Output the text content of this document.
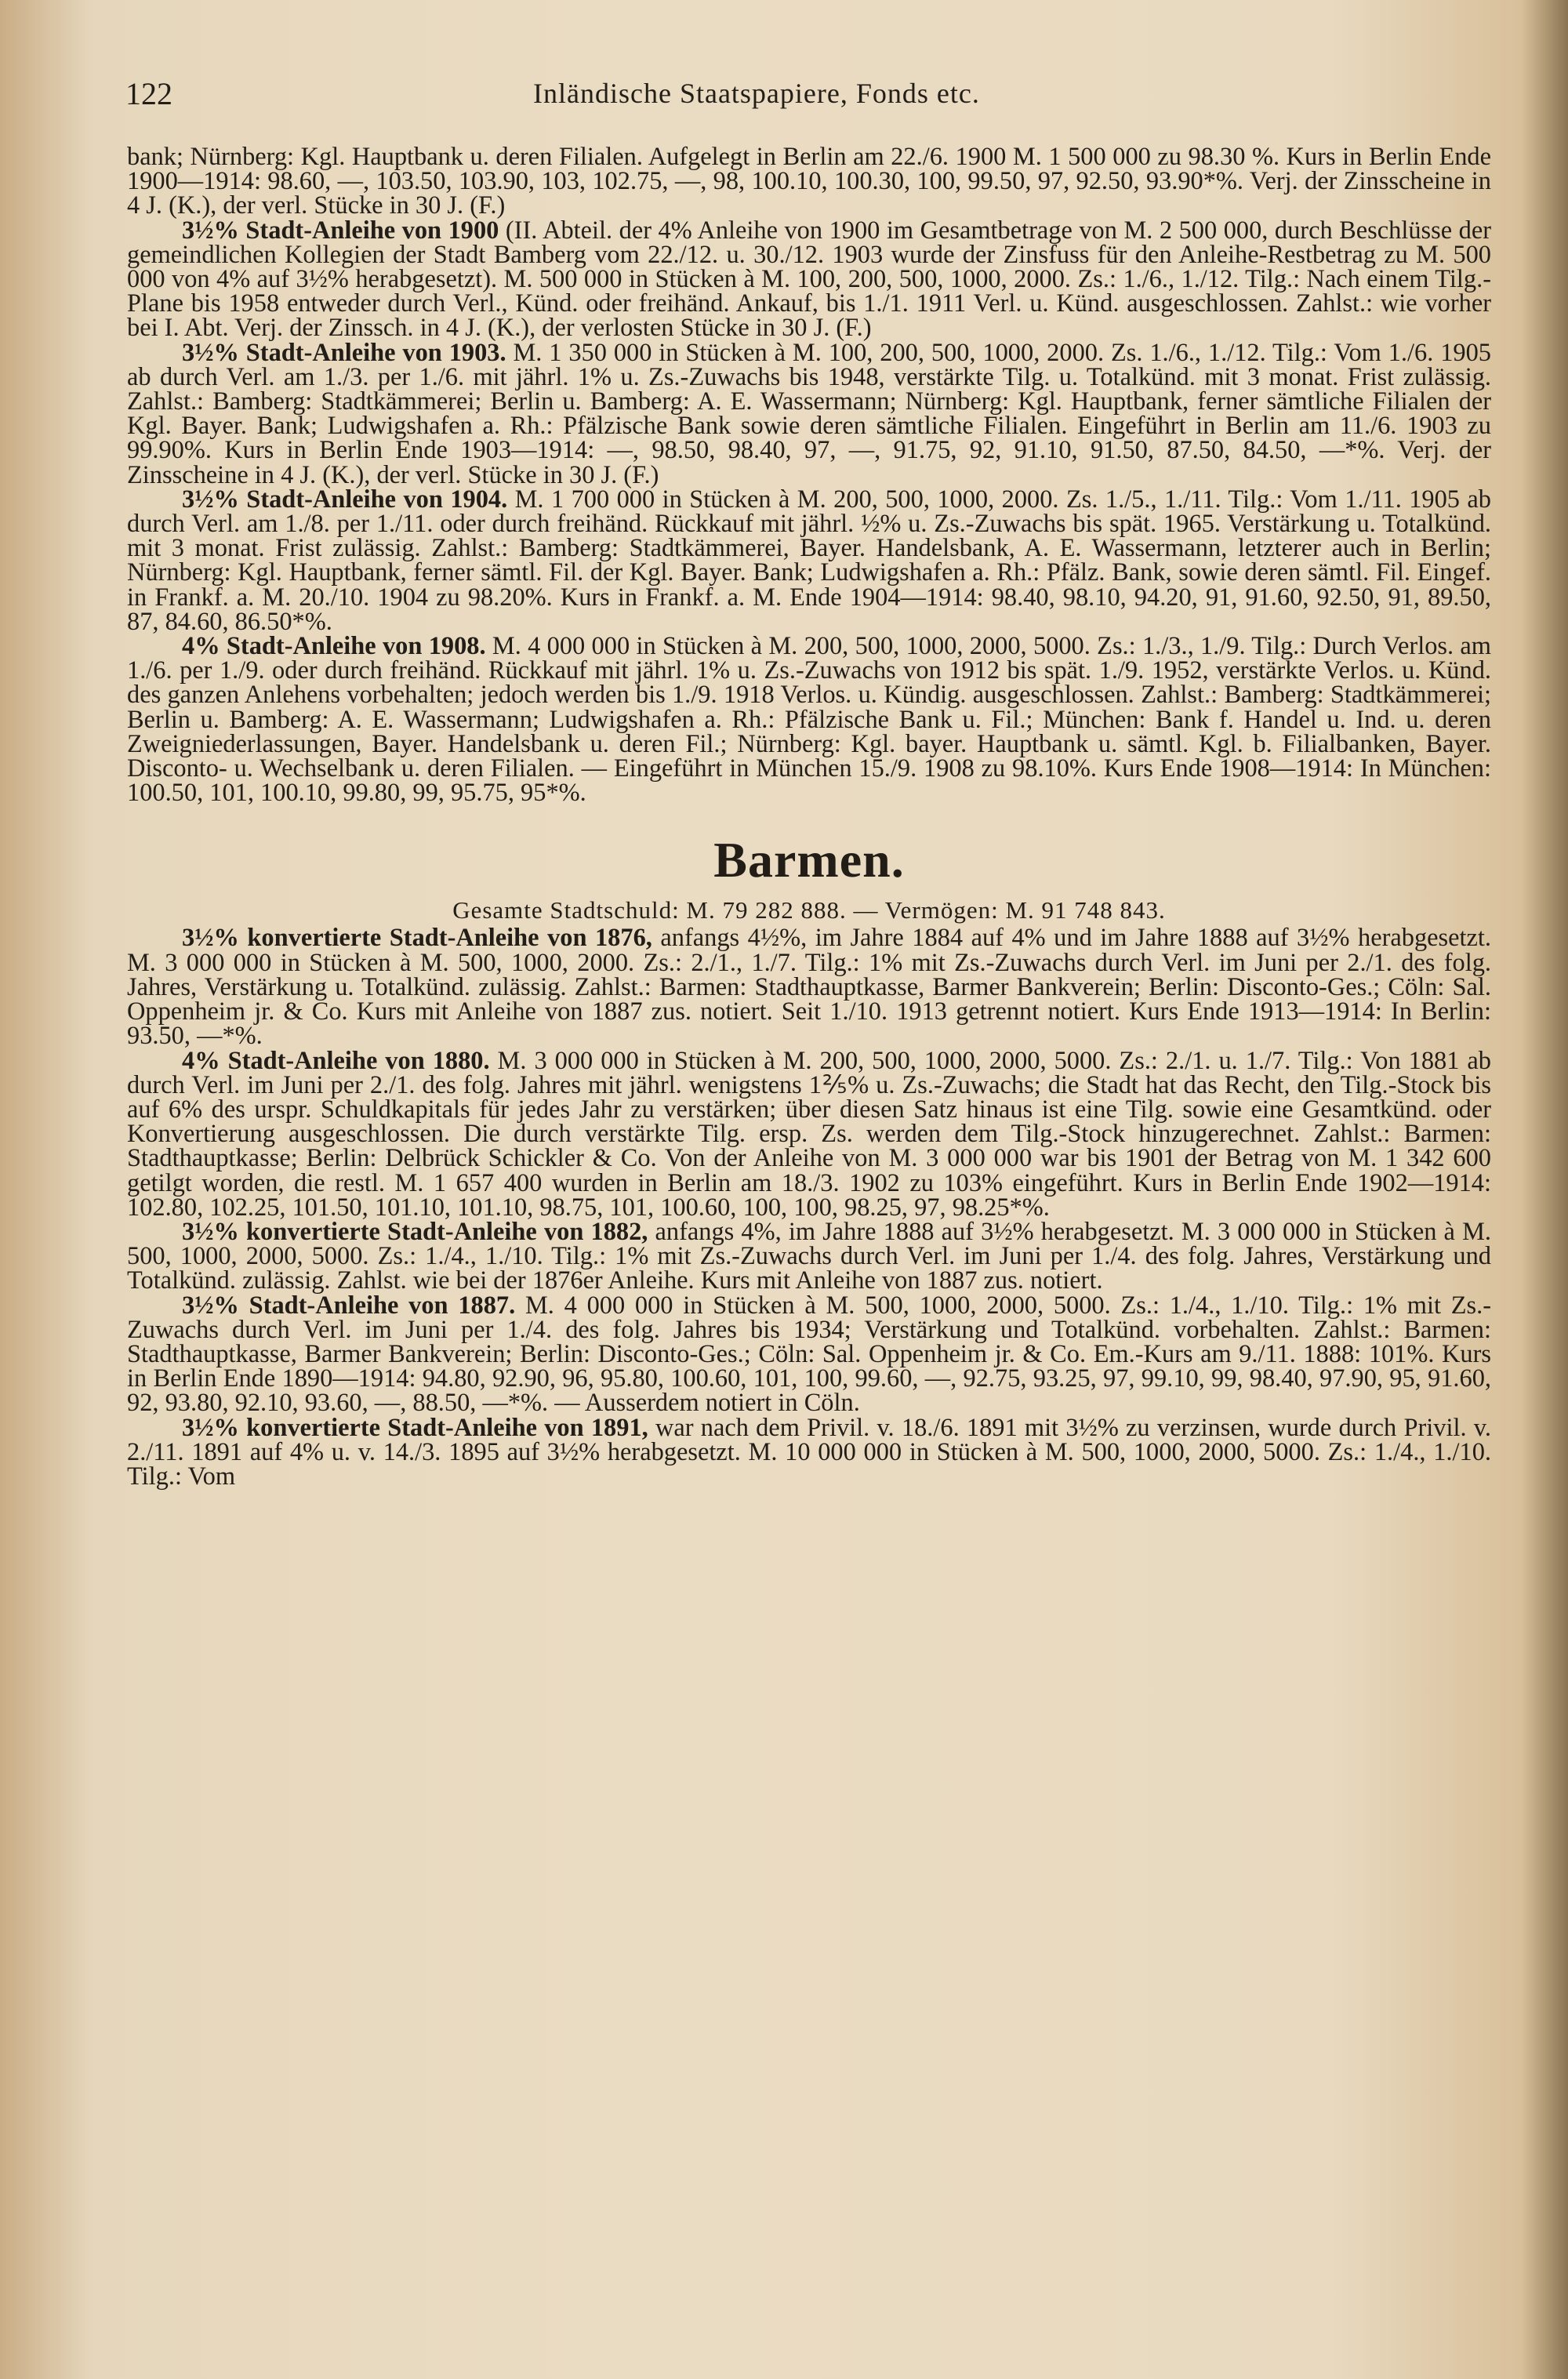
122	Inländische Staatspapiere, Fonds etc.

bank; Nürnberg: Kgl. Hauptbank u. deren Filialen. Aufgelegt in Berlin am 22./6. 1900 M. 1 500 000 zu 98.30 %. Kurs in Berlin Ende 1900—1914: 98.60, —, 103.50, 103.90, 103, 102.75, —, 98, 100.10, 100.30, 100, 99.50, 97, 92.50, 93.90*%. Verj. der Zinsscheine in 4 J. (K.), der verl. Stücke in 30 J. (F.)

3½% Stadt-Anleihe von 1900 (II. Abteil. der 4% Anleihe von 1900 im Gesamtbetrage von M. 2 500 000, durch Beschlüsse der gemeindlichen Kollegien der Stadt Bamberg vom 22./12. u. 30./12. 1903 wurde der Zinsfuss für den Anleihe-Restbetrag zu M. 500 000 von 4% auf 3½% herabgesetzt). M. 500 000 in Stücken à M. 100, 200, 500, 1000, 2000. Zs.: 1./6., 1./12. Tilg.: Nach einem Tilg.-Plane bis 1958 entweder durch Verl., Künd. oder freihänd. Ankauf, bis 1./1. 1911 Verl. u. Künd. ausgeschlossen. Zahlst.: wie vorher bei I. Abt. Verj. der Zinssch. in 4 J. (K.), der verlosten Stücke in 30 J. (F.)

3½% Stadt-Anleihe von 1903. M. 1 350 000 in Stücken à M. 100, 200, 500, 1000, 2000. Zs. 1./6., 1./12. Tilg.: Vom 1./6. 1905 ab durch Verl. am 1./3. per 1./6. mit jährl. 1% u. Zs.-Zuwachs bis 1948, verstärkte Tilg. u. Totalkünd. mit 3 monat. Frist zulässig. Zahlst.: Bamberg: Stadtkämmerei; Berlin u. Bamberg: A. E. Wassermann; Nürnberg: Kgl. Hauptbank, ferner sämtliche Filialen der Kgl. Bayer. Bank; Ludwigshafen a. Rh.: Pfälzische Bank sowie deren sämtliche Filialen. Eingeführt in Berlin am 11./6. 1903 zu 99.90%. Kurs in Berlin Ende 1903—1914: —, 98.50, 98.40, 97, —, 91.75, 92, 91.10, 91.50, 87.50, 84.50, —*%. Verj. der Zinsscheine in 4 J. (K.), der verl. Stücke in 30 J. (F.)

3½% Stadt-Anleihe von 1904. M. 1 700 000 in Stücken à M. 200, 500, 1000, 2000. Zs. 1./5., 1./11. Tilg.: Vom 1./11. 1905 ab durch Verl. am 1./8. per 1./11. oder durch freihänd. Rückkauf mit jährl. ½% u. Zs.-Zuwachs bis spät. 1965. Verstärkung u. Totalkünd. mit 3 monat. Frist zulässig. Zahlst.: Bamberg: Stadtkämmerei, Bayer. Handelsbank, A. E. Wassermann, letzterer auch in Berlin; Nürnberg: Kgl. Hauptbank, ferner sämtl. Fil. der Kgl. Bayer. Bank; Ludwigshafen a. Rh.: Pfälz. Bank, sowie deren sämtl. Fil. Eingef. in Frankf. a. M. 20./10. 1904 zu 98.20%. Kurs in Frankf. a. M. Ende 1904—1914: 98.40, 98.10, 94.20, 91, 91.60, 92.50, 91, 89.50, 87, 84.60, 86.50*%.

4% Stadt-Anleihe von 1908. M. 4 000 000 in Stücken à M. 200, 500, 1000, 2000, 5000. Zs.: 1./3., 1./9. Tilg.: Durch Verlos. am 1./6. per 1./9. oder durch freihänd. Rückkauf mit jährl. 1% u. Zs.-Zuwachs von 1912 bis spät. 1./9. 1952, verstärkte Verlos. u. Künd. des ganzen Anlehens vorbehalten; jedoch werden bis 1./9. 1918 Verlos. u. Kündig. ausgeschlossen. Zahlst.: Bamberg: Stadtkämmerei; Berlin u. Bamberg: A. E. Wassermann; Ludwigshafen a. Rh.: Pfälzische Bank u. Fil.; München: Bank f. Handel u. Ind. u. deren Zweigniederlassungen, Bayer. Handelsbank u. deren Fil.; Nürnberg: Kgl. bayer. Hauptbank u. sämtl. Kgl. b. Filialbanken, Bayer. Disconto- u. Wechselbank u. deren Filialen. — Eingeführt in München 15./9. 1908 zu 98.10%. Kurs Ende 1908—1914: In München: 100.50, 101, 100.10, 99.80, 99, 95.75, 95*%.

Barmen.
Gesamte Stadtschuld: M. 79 282 888. — Vermögen: M. 91 748 843.

3½% konvertierte Stadt-Anleihe von 1876, anfangs 4½%, im Jahre 1884 auf 4% und im Jahre 1888 auf 3½% herabgesetzt. M. 3 000 000 in Stücken à M. 500, 1000, 2000. Zs.: 2./1., 1./7. Tilg.: 1% mit Zs.-Zuwachs durch Verl. im Juni per 2./1. des folg. Jahres, Verstärkung u. Totalkünd. zulässig. Zahlst.: Barmen: Stadthauptkasse, Barmer Bankverein; Berlin: Disconto-Ges.; Cöln: Sal. Oppenheim jr. & Co. Kurs mit Anleihe von 1887 zus. notiert. Seit 1./10. 1913 getrennt notiert. Kurs Ende 1913—1914: In Berlin: 93.50, —*%.

4% Stadt-Anleihe von 1880. M. 3 000 000 in Stücken à M. 200, 500, 1000, 2000, 5000. Zs.: 2./1. u. 1./7. Tilg.: Von 1881 ab durch Verl. im Juni per 2./1. des folg. Jahres mit jährl. wenigstens 1⅖% u. Zs.-Zuwachs; die Stadt hat das Recht, den Tilg.-Stock bis auf 6% des urspr. Schuldkapitals für jedes Jahr zu verstärken; über diesen Satz hinaus ist eine Tilg. sowie eine Gesamtkünd. oder Konvertierung ausgeschlossen. Die durch verstärkte Tilg. ersp. Zs. werden dem Tilg.-Stock hinzugerechnet. Zahlst.: Barmen: Stadthauptkasse; Berlin: Delbrück Schickler & Co. Von der Anleihe von M. 3 000 000 war bis 1901 der Betrag von M. 1 342 600 getilgt worden, die restl. M. 1 657 400 wurden in Berlin am 18./3. 1902 zu 103% eingeführt. Kurs in Berlin Ende 1902—1914: 102.80, 102.25, 101.50, 101.10, 101.10, 98.75, 101, 100.60, 100, 100, 98.25, 97, 98.25*%.

3½% konvertierte Stadt-Anleihe von 1882, anfangs 4%, im Jahre 1888 auf 3½% herabgesetzt. M. 3 000 000 in Stücken à M. 500, 1000, 2000, 5000. Zs.: 1./4., 1./10. Tilg.: 1% mit Zs.-Zuwachs durch Verl. im Juni per 1./4. des folg. Jahres, Verstärkung und Totalkünd. zulässig. Zahlst. wie bei der 1876er Anleihe. Kurs mit Anleihe von 1887 zus. notiert.

3½% Stadt-Anleihe von 1887. M. 4 000 000 in Stücken à M. 500, 1000, 2000, 5000. Zs.: 1./4., 1./10. Tilg.: 1% mit Zs.-Zuwachs durch Verl. im Juni per 1./4. des folg. Jahres bis 1934; Verstärkung und Totalkünd. vorbehalten. Zahlst.: Barmen: Stadthauptkasse, Barmer Bankverein; Berlin: Disconto-Ges.; Cöln: Sal. Oppenheim jr. & Co. Em.-Kurs am 9./11. 1888: 101%. Kurs in Berlin Ende 1890—1914: 94.80, 92.90, 96, 95.80, 100.60, 101, 100, 99.60, —, 92.75, 93.25, 97, 99.10, 99, 98.40, 97.90, 95, 91.60, 92, 93.80, 92.10, 93.60, —, 88.50, —*%. — Ausserdem notiert in Cöln.

3½% konvertierte Stadt-Anleihe von 1891, war nach dem Privil. v. 18./6. 1891 mit 3½% zu verzinsen, wurde durch Privil. v. 2./11. 1891 auf 4% u. v. 14./3. 1895 auf 3½% herabgesetzt. M. 10 000 000 in Stücken à M. 500, 1000, 2000, 5000. Zs.: 1./4., 1./10. Tilg.: Vom
